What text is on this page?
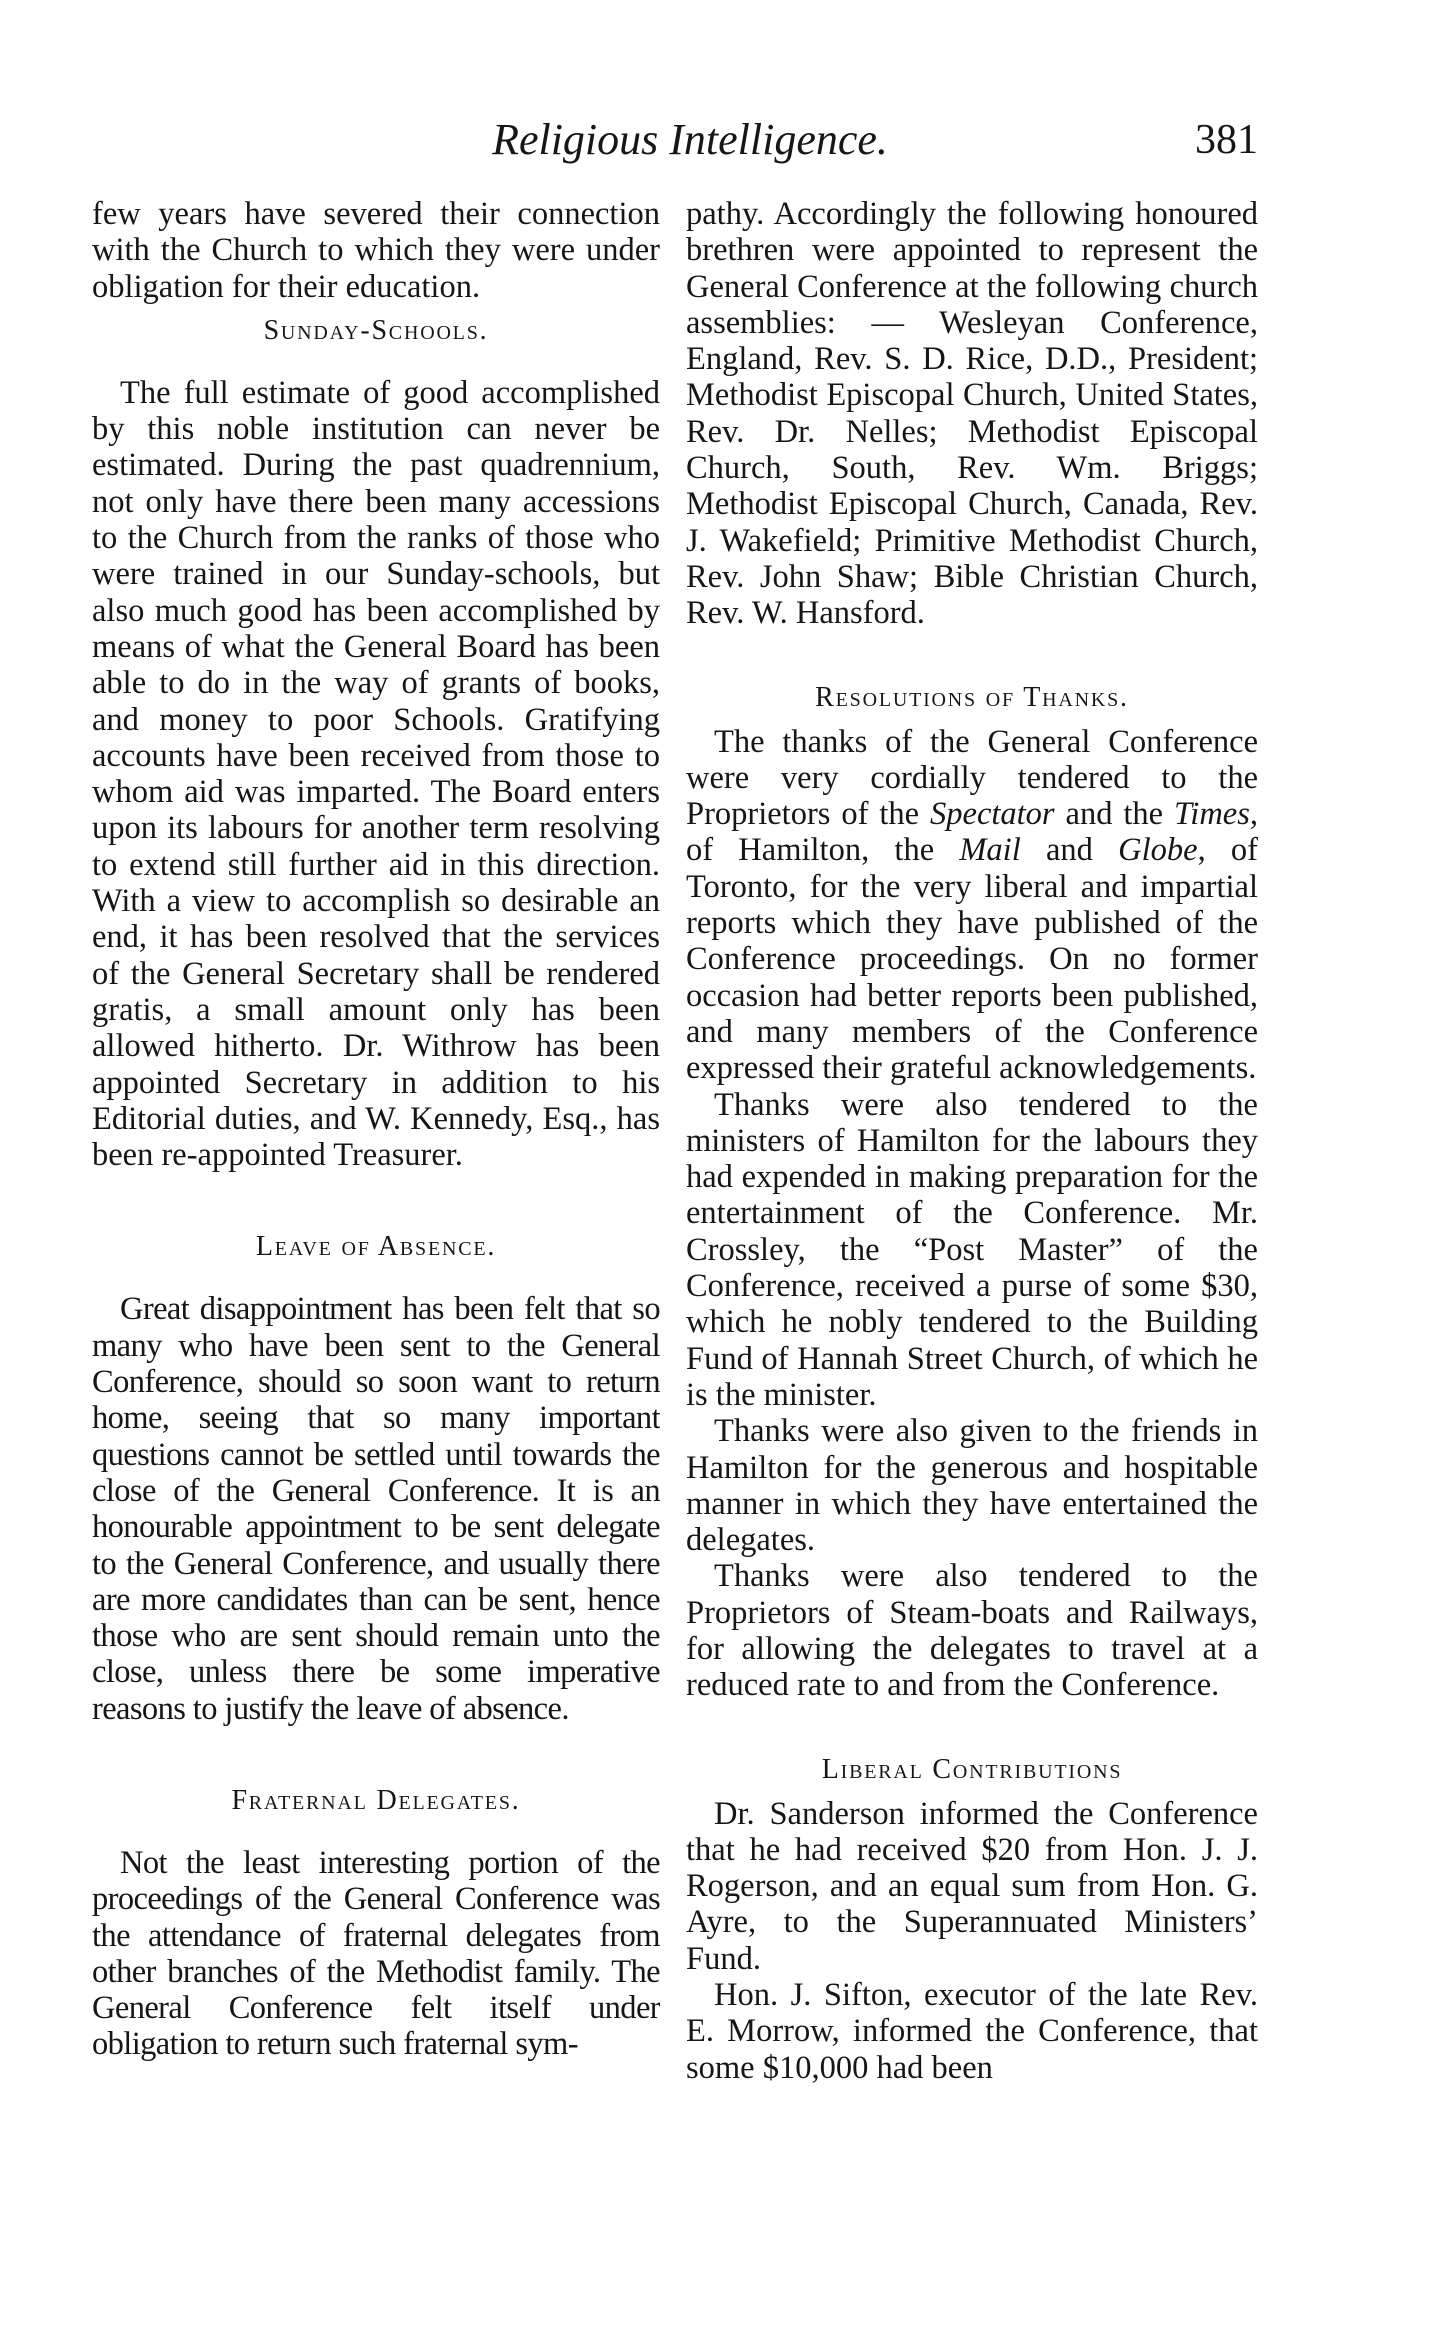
Religious Intelligence.	381

few years have severed their connection with the Church to which they were under obligation for their education.

Sunday-Schools.

The full estimate of good accomplished by this noble institution can never be estimated. During the past quadrennium, not only have there been many accessions to the Church from the ranks of those who were trained in our Sunday-schools, but also much good has been accomplished by means of what the General Board has been able to do in the way of grants of books, and money to poor Schools. Gratifying accounts have been received from those to whom aid was imparted. The Board enters upon its labours for another term resolving to extend still further aid in this direction. With a view to accomplish so desirable an end, it has been resolved that the services of the General Secretary shall be rendered gratis, a small amount only has been allowed hitherto. Dr. Withrow has been appointed Secretary in addition to his Editorial duties, and W. Kennedy, Esq., has been re-appointed Treasurer.

Leave of Absence.

Great disappointment has been felt that so many who have been sent to the General Conference, should so soon want to return home, seeing that so many important questions cannot be settled until towards the close of the General Conference. It is an honourable appointment to be sent delegate to the General Conference, and usually there are more candidates than can be sent, hence those who are sent should remain unto the close, unless there be some imperative reasons to justify the leave of absence.

Fraternal Delegates.

Not the least interesting portion of the proceedings of the General Conference was the attendance of fraternal delegates from other branches of the Methodist family. The General Conference felt itself under obligation to return such fraternal sym-

pathy. Accordingly the following honoured brethren were appointed to represent the General Conference at the following church assemblies: — Wesleyan Conference, England, Rev. S. D. Rice, D.D., President; Methodist Episcopal Church, United States, Rev. Dr. Nelles; Methodist Episcopal Church, South, Rev. Wm. Briggs; Methodist Episcopal Church, Canada, Rev. J. Wakefield; Primitive Methodist Church, Rev. John Shaw; Bible Christian Church, Rev. W. Hansford.

Resolutions of Thanks.

The thanks of the General Conference were very cordially tendered to the Proprietors of the Spectator and the Times, of Hamilton, the Mail and Globe, of Toronto, for the very liberal and impartial reports which they have published of the Conference proceedings. On no former occasion had better reports been published, and many members of the Conference expressed their grateful acknowledgements.

Thanks were also tendered to the ministers of Hamilton for the labours they had expended in making preparation for the entertainment of the Conference. Mr. Crossley, the “Post Master” of the Conference, received a purse of some $30, which he nobly tendered to the Building Fund of Hannah Street Church, of which he is the minister.

Thanks were also given to the friends in Hamilton for the generous and hospitable manner in which they have entertained the delegates.

Thanks were also tendered to the Proprietors of Steam-boats and Railways, for allowing the delegates to travel at a reduced rate to and from the Conference.

Liberal Contributions

Dr. Sanderson informed the Conference that he had received $20 from Hon. J. J. Rogerson, and an equal sum from Hon. G. Ayre, to the Superannuated Ministers’ Fund.

Hon. J. Sifton, executor of the late Rev. E. Morrow, informed the Conference, that some $10,000 had been
